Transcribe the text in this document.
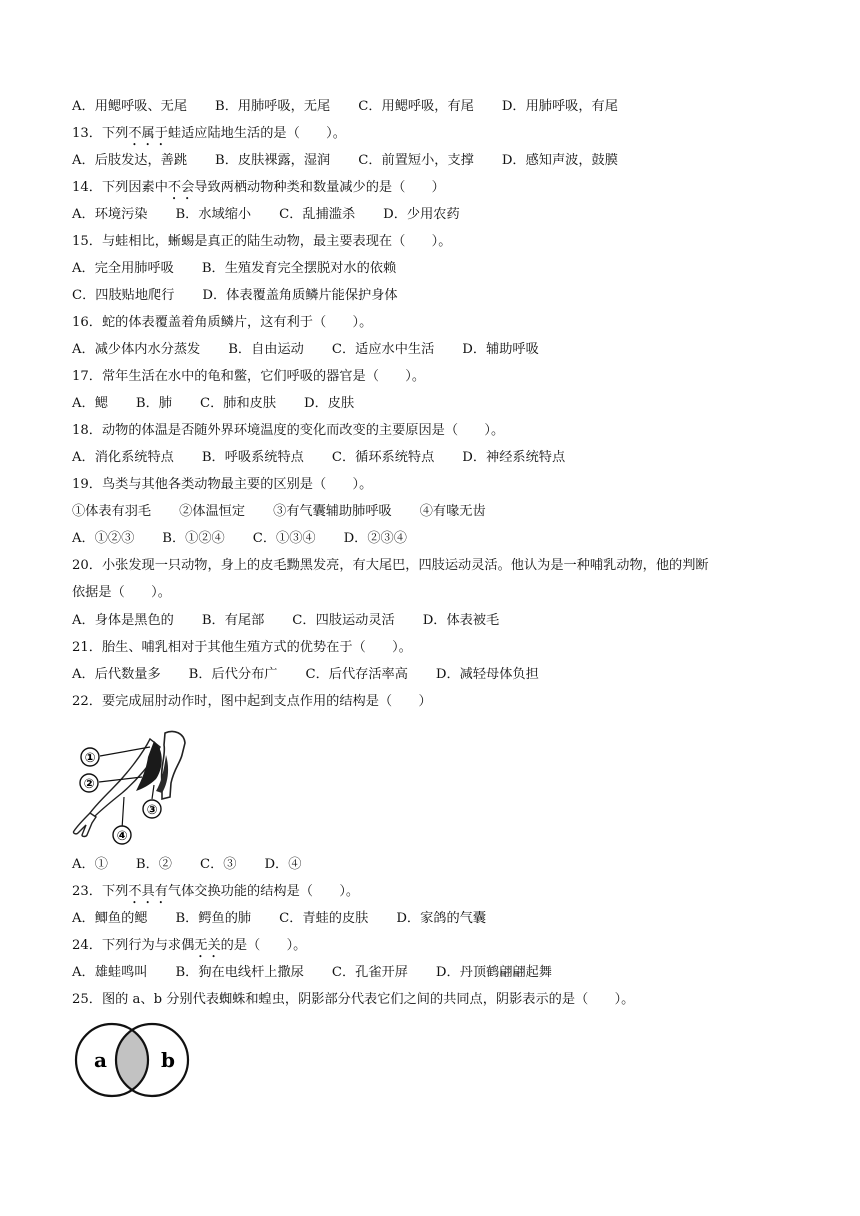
A．用鳃呼吸、无尾 B．用肺呼吸，无尾 C．用鳃呼吸，有尾 D．用肺呼吸，有尾
13．下列不属于蛙适应陆地生活的是（　　）。
A．后肢发达，善跳 B．皮肤裸露，湿润 C．前置短小，支撑 D．感知声波，鼓膜
14．下列因素中不会导致两栖动物种类和数量减少的是（　　）
A．环境污染 B．水域缩小 C．乱捕滥杀 D．少用农药
15．与蛙相比，蜥蜴是真正的陆生动物，最主要表现在（　　）。
A．完全用肺呼吸 B．生殖发育完全摆脱对水的依赖
C．四肢贴地爬行 D．体表覆盖角质鳞片能保护身体
16．蛇的体表覆盖着角质鳞片，这有利于（　　）。
A．减少体内水分蒸发 B．自由运动 C．适应水中生活 D．辅助呼吸
17．常年生活在水中的龟和鳖，它们呼吸的器官是（　　）。
A．鳃 B．肺 C．肺和皮肤 D．皮肤
18．动物的体温是否随外界环境温度的变化而改变的主要原因是（　　）。
A．消化系统特点 B．呼吸系统特点 C．循环系统特点 D．神经系统特点
19．鸟类与其他各类动物最主要的区别是（　　）。
①体表有羽毛 ②体温恒定 ③有气囊辅助肺呼吸 ④有喙无齿
A．①②③ B．①②④ C．①③④ D．②③④
20．小张发现一只动物，身上的皮毛黝黑发亮，有大尾巴，四肢运动灵活。他认为是一种哺乳动物，他的判断
依据是（　　）。
A．身体是黑色的 B．有尾部 C．四肢运动灵活 D．体表被毛
21．胎生、哺乳相对于其他生殖方式的优势在于（　　）。
A．后代数量多 B．后代分布广 C．后代存活率高 D．减轻母体负担
22．要完成屈肘动作时，图中起到支点作用的结构是（　　）
①
②
③
④
A．① B．② C．③ D．④
23．下列不具有气体交换功能的结构是（　　）。
A．鲫鱼的鳃 B．鳄鱼的肺 C．青蛙的皮肤 D．家鸽的气囊
24．下列行为与求偶无关的是（　　）。
A．雄蛙鸣叫 B．狗在电线杆上撒尿 C．孔雀开屏 D．丹顶鹤翩翩起舞
25．图的 a、b 分别代表蜘蛛和蝗虫，阴影部分代表它们之间的共同点，阴影表示的是（　　）。
a	b
